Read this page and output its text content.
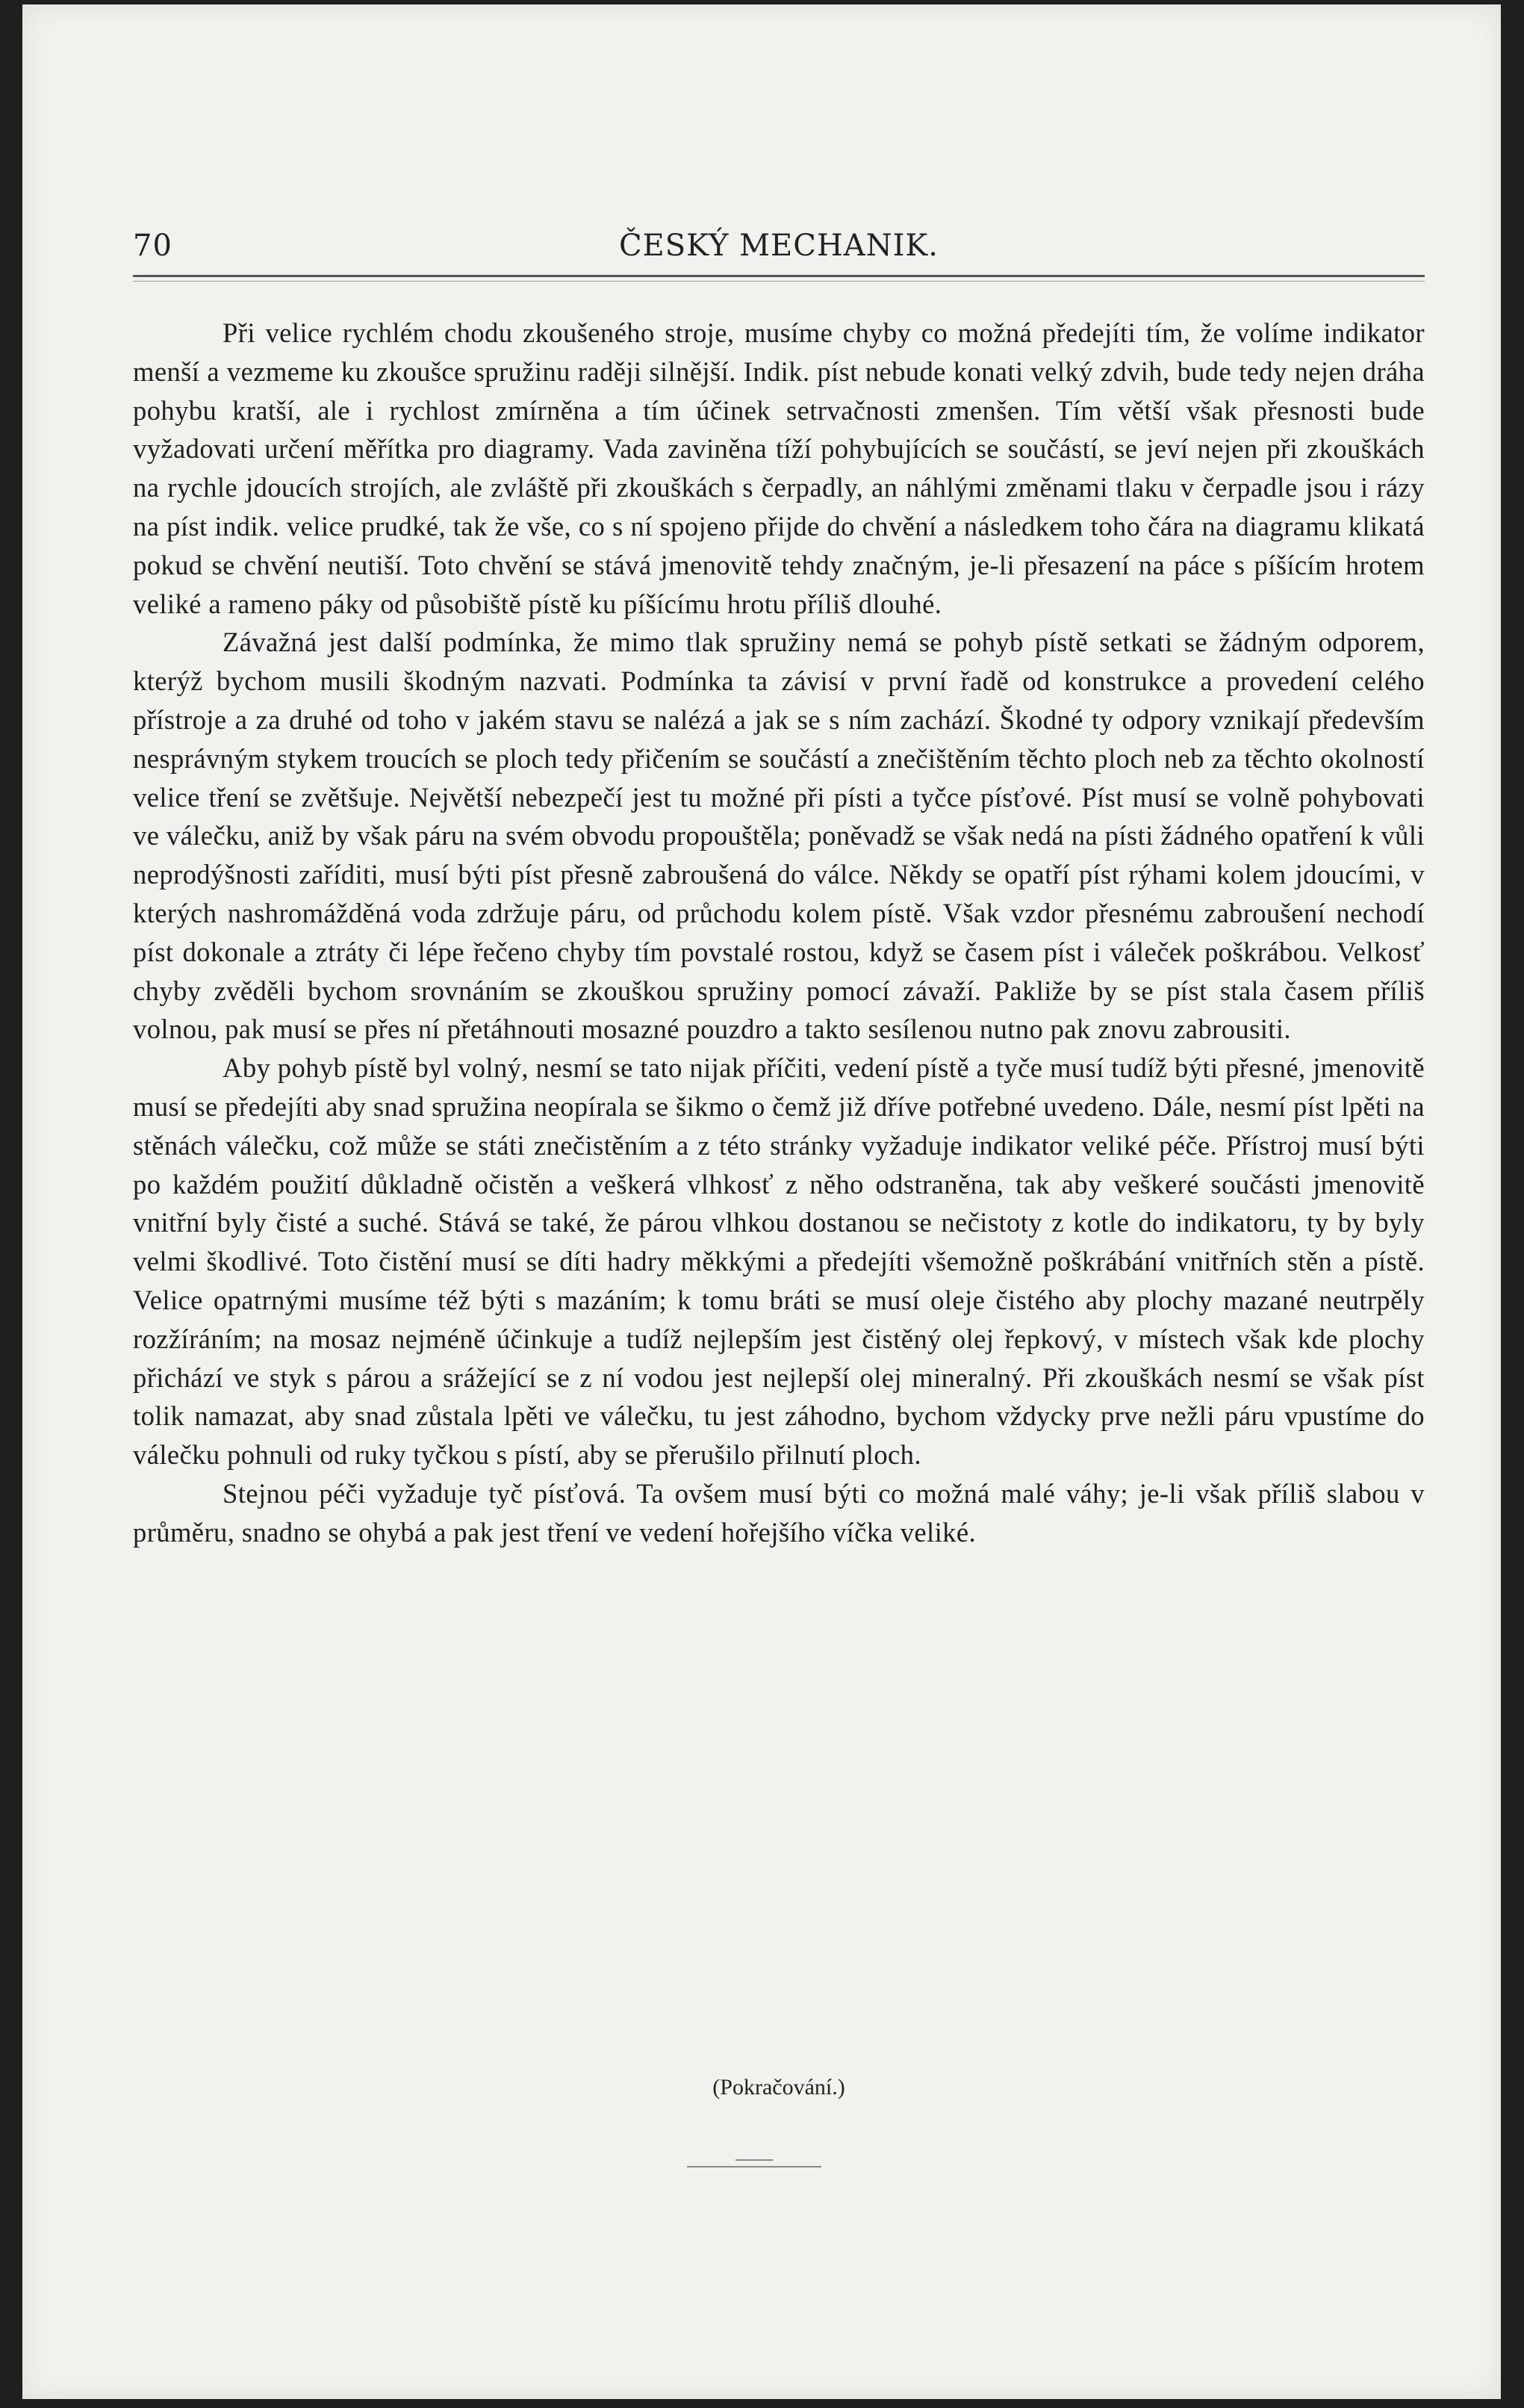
70	ČESKÝ MECHANIK.

Při velice rychlém chodu zkoušeného stroje, musíme chyby co možná předejíti tím, že volíme indikator menší a vezmeme ku zkoušce spružinu raději silnější. Indik. píst nebude konati velký zdvih, bude tedy nejen dráha pohybu kratší, ale i rychlost zmírněna a tím účinek setrvačnosti zmenšen. Tím větší však přesnosti bude vyžadovati určení měřítka pro diagramy. Vada zaviněna tíží pohybujících se součástí, se jeví nejen při zkouškách na rychle jdoucích strojích, ale zvláště při zkouškách s čerpadly, an náhlými změnami tlaku v čerpadle jsou i rázy na píst indik. velice prudké, tak že vše, co s ní spojeno přijde do chvění a následkem toho čára na diagramu klikatá pokud se chvění neutiší. Toto chvění se stává jmenovitě tehdy značným, je-li přesazení na páce s píšícím hrotem veliké a rameno páky od působiště pístě ku píšícímu hrotu příliš dlouhé.

Závažná jest další podmínka, že mimo tlak spružiny nemá se pohyb pístě setkati se žádným odporem, kterýž bychom musili škodným nazvati. Podmínka ta závisí v první řadě od konstrukce a provedení celého přístroje a za druhé od toho v jakém stavu se nalézá a jak se s ním zachází. Škodné ty odpory vznikají především nesprávným stykem troucích se ploch tedy přičením se součástí a znečištěním těchto ploch neb za těchto okolností velice tření se zvětšuje. Největší nebezpečí jest tu možné při písti a tyčce písťové. Píst musí se volně pohybovati ve válečku, aniž by však páru na svém obvodu propouštěla; poněvadž se však nedá na písti žádného opatření k vůli neprodýšnosti zaříditi, musí býti píst přesně zabroušená do válce. Někdy se opatří píst rýhami kolem jdoucími, v kterých nashromážděná voda zdržuje páru, od průchodu kolem pístě. Však vzdor přesnému zabroušení nechodí píst dokonale a ztráty či lépe řečeno chyby tím povstalé rostou, když se časem píst i váleček poškrábou. Velkosť chyby zvěděli bychom srovnáním se zkouškou spružiny pomocí závaží. Pakliže by se píst stala časem příliš volnou, pak musí se přes ní přetáhnouti mosazné pouzdro a takto sesílenou nutno pak znovu zabrousiti.

Aby pohyb pístě byl volný, nesmí se tato nijak příčiti, vedení pístě a tyče musí tudíž býti přesné, jmenovitě musí se předejíti aby snad spružina neopírala se šikmo o čemž již dříve potřebné uvedeno. Dále, nesmí píst lpěti na stěnách válečku, což může se státi znečistěním a z této stránky vyžaduje indikator veliké péče. Přístroj musí býti po každém použití důkladně očistěn a veškerá vlhkosť z něho odstraněna, tak aby veškeré součásti jmenovitě vnitřní byly čisté a suché. Stává se také, že párou vlhkou dostanou se nečistoty z kotle do indikatoru, ty by byly velmi škodlivé. Toto čistění musí se díti hadry měkkými a předejíti všemožně poškrábání vnitřních stěn a pístě. Velice opatrnými musíme též býti s mazáním; k tomu bráti se musí oleje čistého aby plochy mazané neutrpěly rozžíráním; na mosaz nejméně účinkuje a tudíž nejlepším jest čistěný olej řepkový, v místech však kde plochy přichází ve styk s párou a srážející se z ní vodou jest nejlepší olej mineralný. Při zkouškách nesmí se však píst tolik namazat, aby snad zůstala lpěti ve válečku, tu jest záhodno, bychom vždycky prve nežli páru vpustíme do válečku pohnuli od ruky tyčkou s pístí, aby se přerušilo přilnutí ploch.

Stejnou péči vyžaduje tyč písťová. Ta ovšem musí býti co možná malé váhy; je-li však příliš slabou v průměru, snadno se ohybá a pak jest tření ve vedení hořejšího víčka veliké.

(Pokračování.)
